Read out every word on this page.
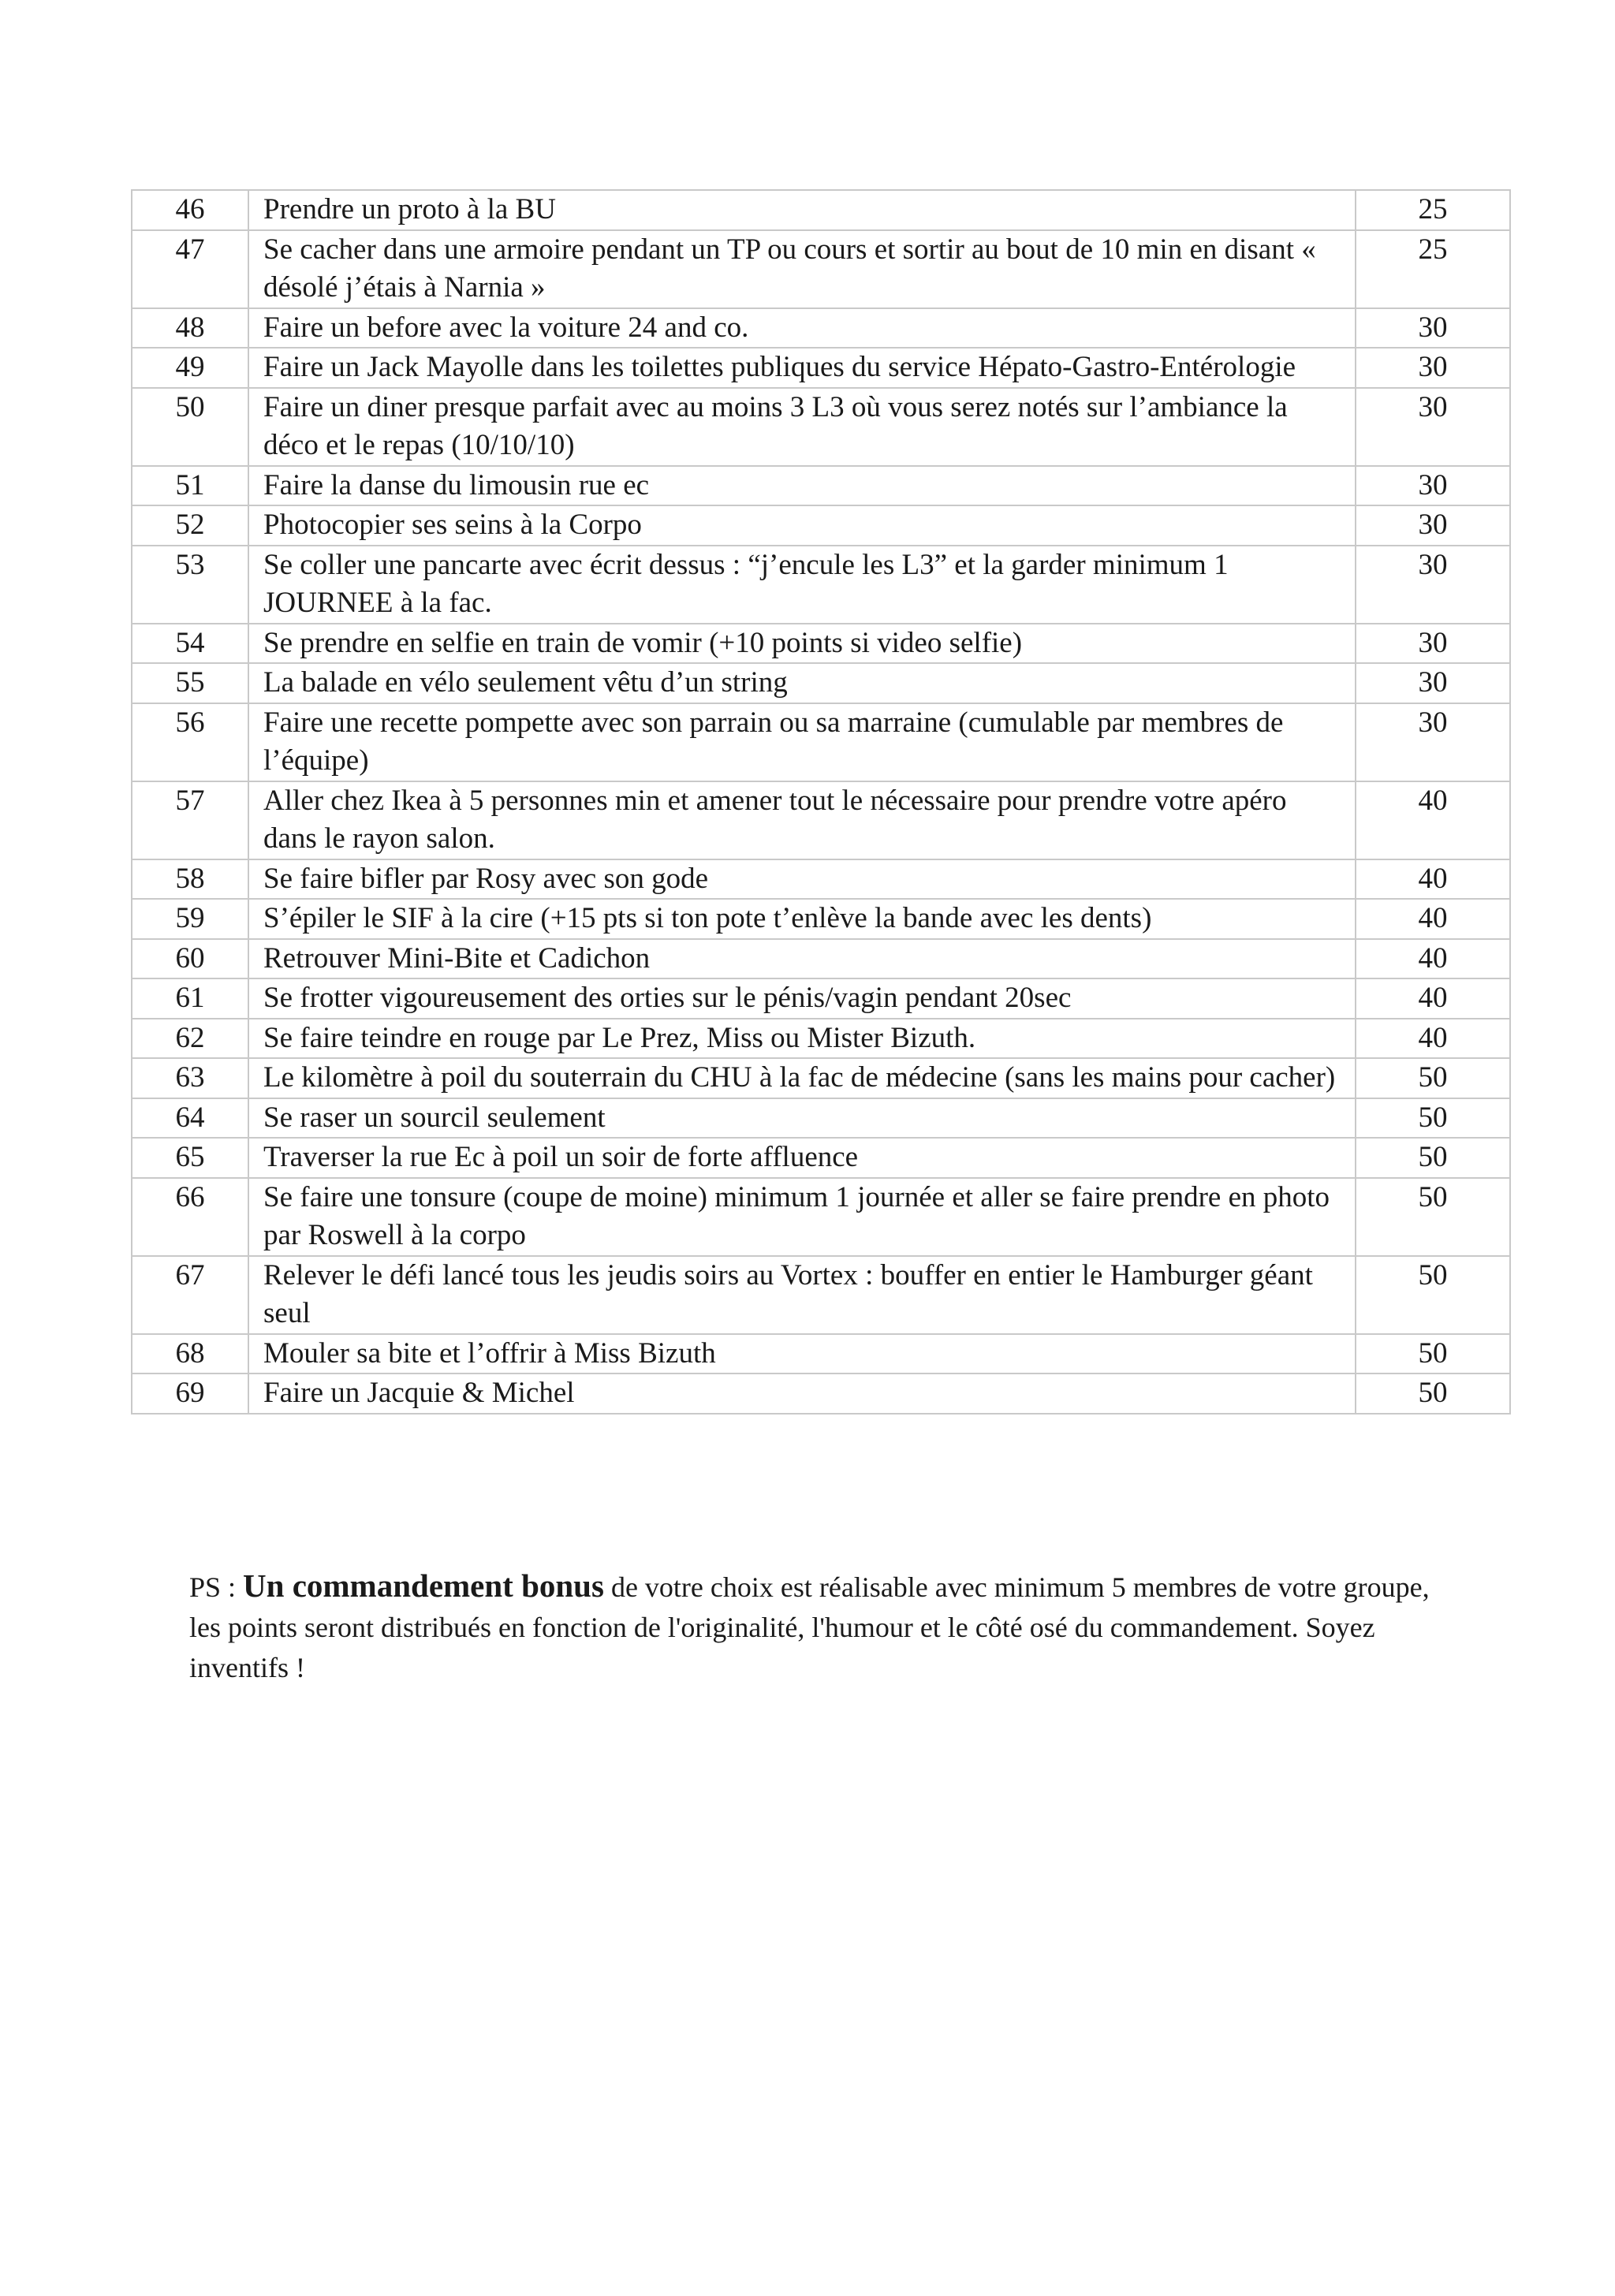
46	Prendre un proto à la BU	25
47	Se cacher dans une armoire pendant un TP ou cours et sortir au bout de 10 min en disant « désolé j’étais à Narnia »	25
48	Faire un before avec la voiture 24 and co.	30
49	Faire un Jack Mayolle dans les toilettes publiques du service Hépato-Gastro-Entérologie	30
50	Faire un diner presque parfait avec au moins 3 L3 où vous serez notés sur l’ambiance la déco et le repas (10/10/10)	30
51	Faire la danse du limousin rue ec	30
52	Photocopier ses seins à la Corpo	30
53	Se coller une pancarte avec écrit dessus : “j’encule les L3” et la garder minimum 1 JOURNEE à la fac.	30
54	Se prendre en selfie en train de vomir (+10 points si video selfie)	30
55	La balade en vélo seulement vêtu d’un string	30
56	Faire une recette pompette avec son parrain ou sa marraine (cumulable par membres de l’équipe)	30
57	Aller chez Ikea à 5 personnes min et amener tout le nécessaire pour prendre votre apéro dans le rayon salon.	40
58	Se faire bifler par Rosy avec son gode	40
59	S’épiler le SIF à la cire (+15 pts si ton pote t’enlève la bande avec les dents)	40
60	Retrouver Mini-Bite et Cadichon	40
61	Se frotter vigoureusement des orties sur le pénis/vagin pendant 20sec	40
62	Se faire teindre en rouge par Le Prez, Miss ou Mister Bizuth.	40
63	Le kilomètre à poil du souterrain du CHU à la fac de médecine (sans les mains pour cacher)	50
64	Se raser un sourcil seulement	50
65	Traverser la rue Ec à poil un soir de forte affluence	50
66	Se faire une tonsure (coupe de moine) minimum 1 journée et aller se faire prendre en photo par Roswell à la corpo	50
67	Relever le défi lancé tous les jeudis soirs au Vortex : bouffer en entier le Hamburger géant seul	50
68	Mouler sa bite et l’offrir à Miss Bizuth	50
69	Faire un Jacquie & Michel	50

PS : Un commandement bonus de votre choix est réalisable avec minimum 5 membres de votre groupe, les points seront distribués en fonction de l'originalité, l'humour et le côté osé du commandement. Soyez inventifs !
